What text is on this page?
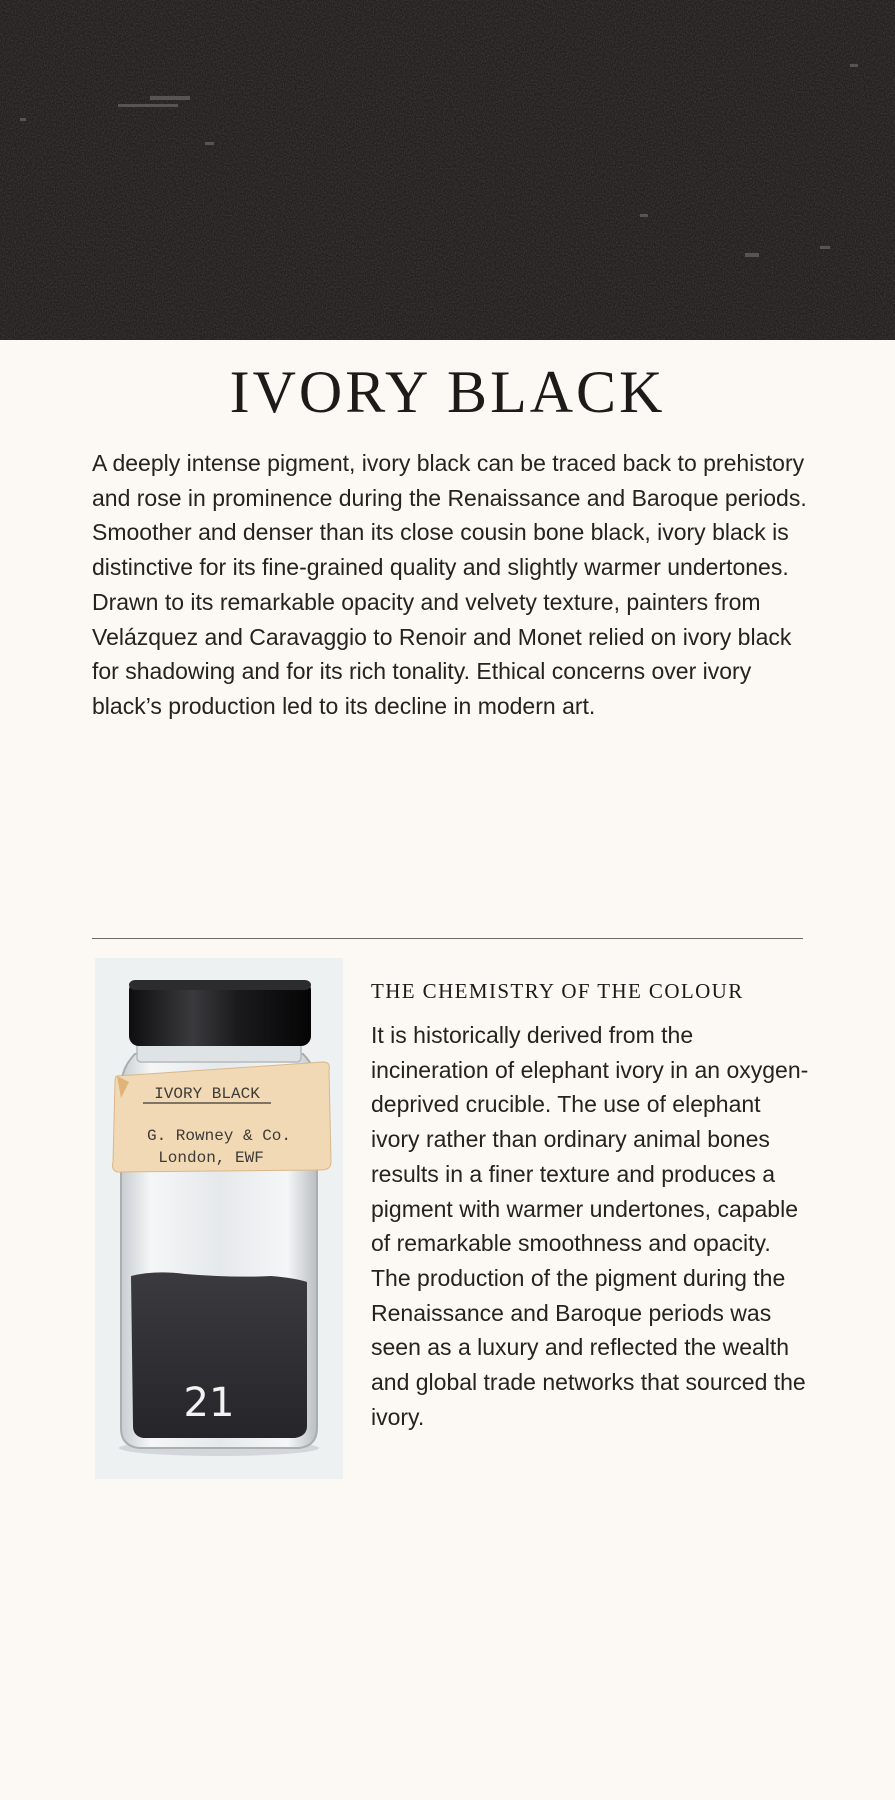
IVORY BLACK

A deeply intense pigment, ivory black can be traced back to prehistory and rose in prominence during the Renaissance and Baroque periods. Smoother and denser than its close cousin bone black, ivory black is distinctive for its fine-grained quality and slightly warmer undertones. Drawn to its remarkable opacity and velvety texture, painters from Velázquez and Caravaggio to Renoir and Monet relied on ivory black for shadowing and for its rich tonality. Ethical concerns over ivory black’s production led to its decline in modern art.

21
IVORY BLACK
G. Rowney & Co.
London, EWF
THE CHEMISTRY OF THE COLOUR

It is historically derived from the incineration of elephant ivory in an oxygen-deprived crucible. The use of elephant ivory rather than ordinary animal bones results in a finer texture and produces a pigment with warmer undertones, capable of remarkable smoothness and opacity. The production of the pigment during the Renaissance and Baroque periods was seen as a luxury and reflected the wealth and global trade networks that sourced the ivory.
